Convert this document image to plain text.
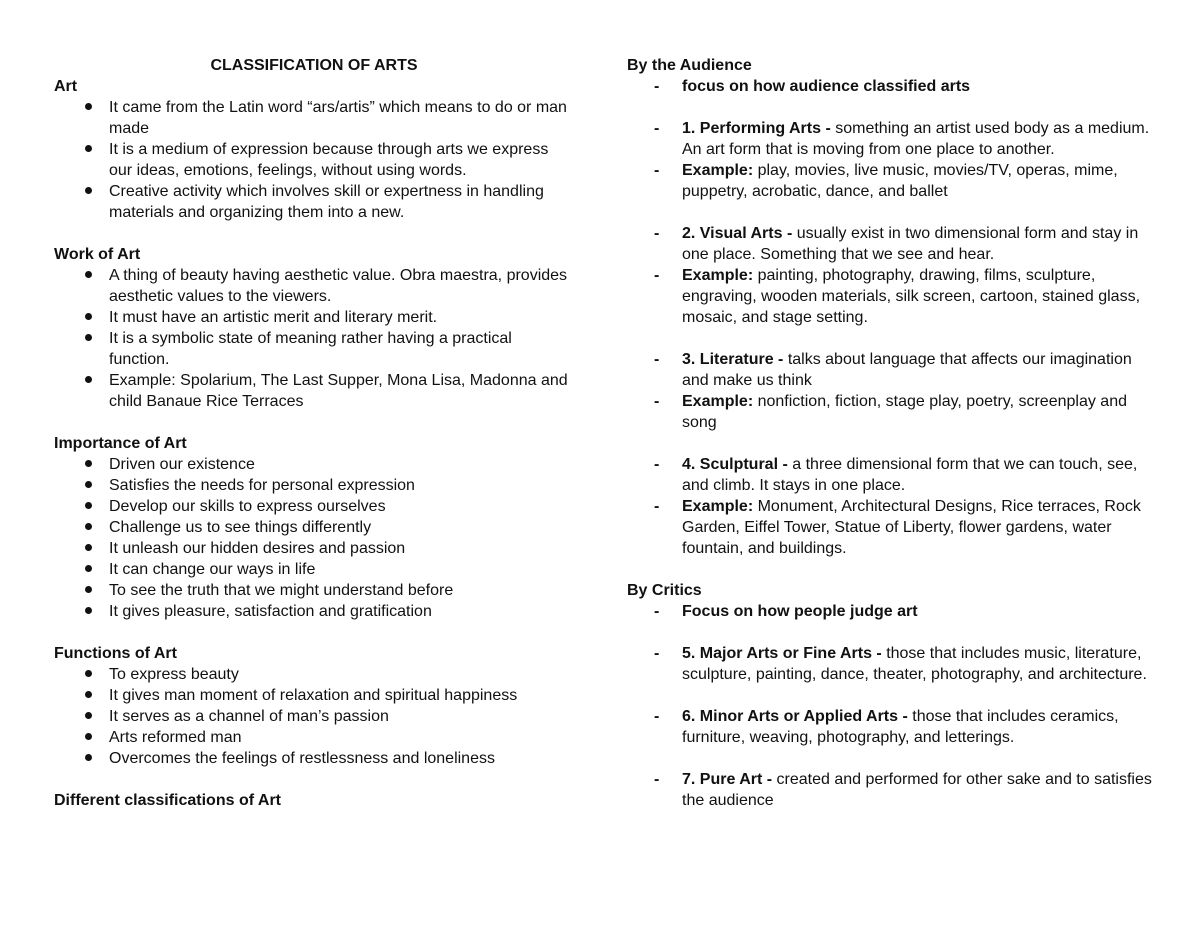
CLASSIFICATION OF ARTS
Art
It came from the Latin word “ars/artis” which means to do or man made
It is a medium of expression because through arts we express our ideas, emotions, feelings, without using words.
Creative activity which involves skill or expertness in handling materials and organizing them into a new.
Work of Art
A thing of beauty having aesthetic value. Obra maestra, provides aesthetic values to the viewers.
It must have an artistic merit and literary merit.
It is a symbolic state of meaning rather having a practical function.
Example: Spolarium, The Last Supper, Mona Lisa, Madonna and child Banaue Rice Terraces
Importance of Art
Driven our existence
Satisfies the needs for personal expression
Develop our skills to express ourselves
Challenge us to see things differently
It unleash our hidden desires and passion
It can change our ways in life
To see the truth that we might understand before
It gives pleasure, satisfaction and gratification
Functions of Art
To express beauty
It gives man moment of relaxation and spiritual happiness
It serves as a channel of man’s passion
Arts reformed man
Overcomes the feelings of restlessness and loneliness
Different classifications of Art
By the Audience
- focus on how audience classified arts
- 1. Performing Arts - something an artist used body as a medium. An art form that is moving from one place to another.
- Example: play, movies, live music, movies/TV, operas, mime, puppetry, acrobatic, dance, and ballet
- 2. Visual Arts - usually exist in two dimensional form and stay in one place. Something that we see and hear.
- Example: painting, photography, drawing, films, sculpture, engraving, wooden materials, silk screen, cartoon, stained glass, mosaic, and stage setting.
- 3. Literature - talks about language that affects our imagination and make us think
- Example: nonfiction, fiction, stage play, poetry, screenplay and song
- 4. Sculptural - a three dimensional form that we can touch, see, and climb. It stays in one place.
- Example: Monument, Architectural Designs, Rice terraces, Rock Garden, Eiffel Tower, Statue of Liberty, flower gardens, water fountain, and buildings.
By Critics
- Focus on how people judge art
- 5. Major Arts or Fine Arts - those that includes music, literature, sculpture, painting, dance, theater, photography, and architecture.
- 6. Minor Arts or Applied Arts - those that includes ceramics, furniture, weaving, photography, and letterings.
- 7. Pure Art - created and performed for other sake and to satisfies the audience
